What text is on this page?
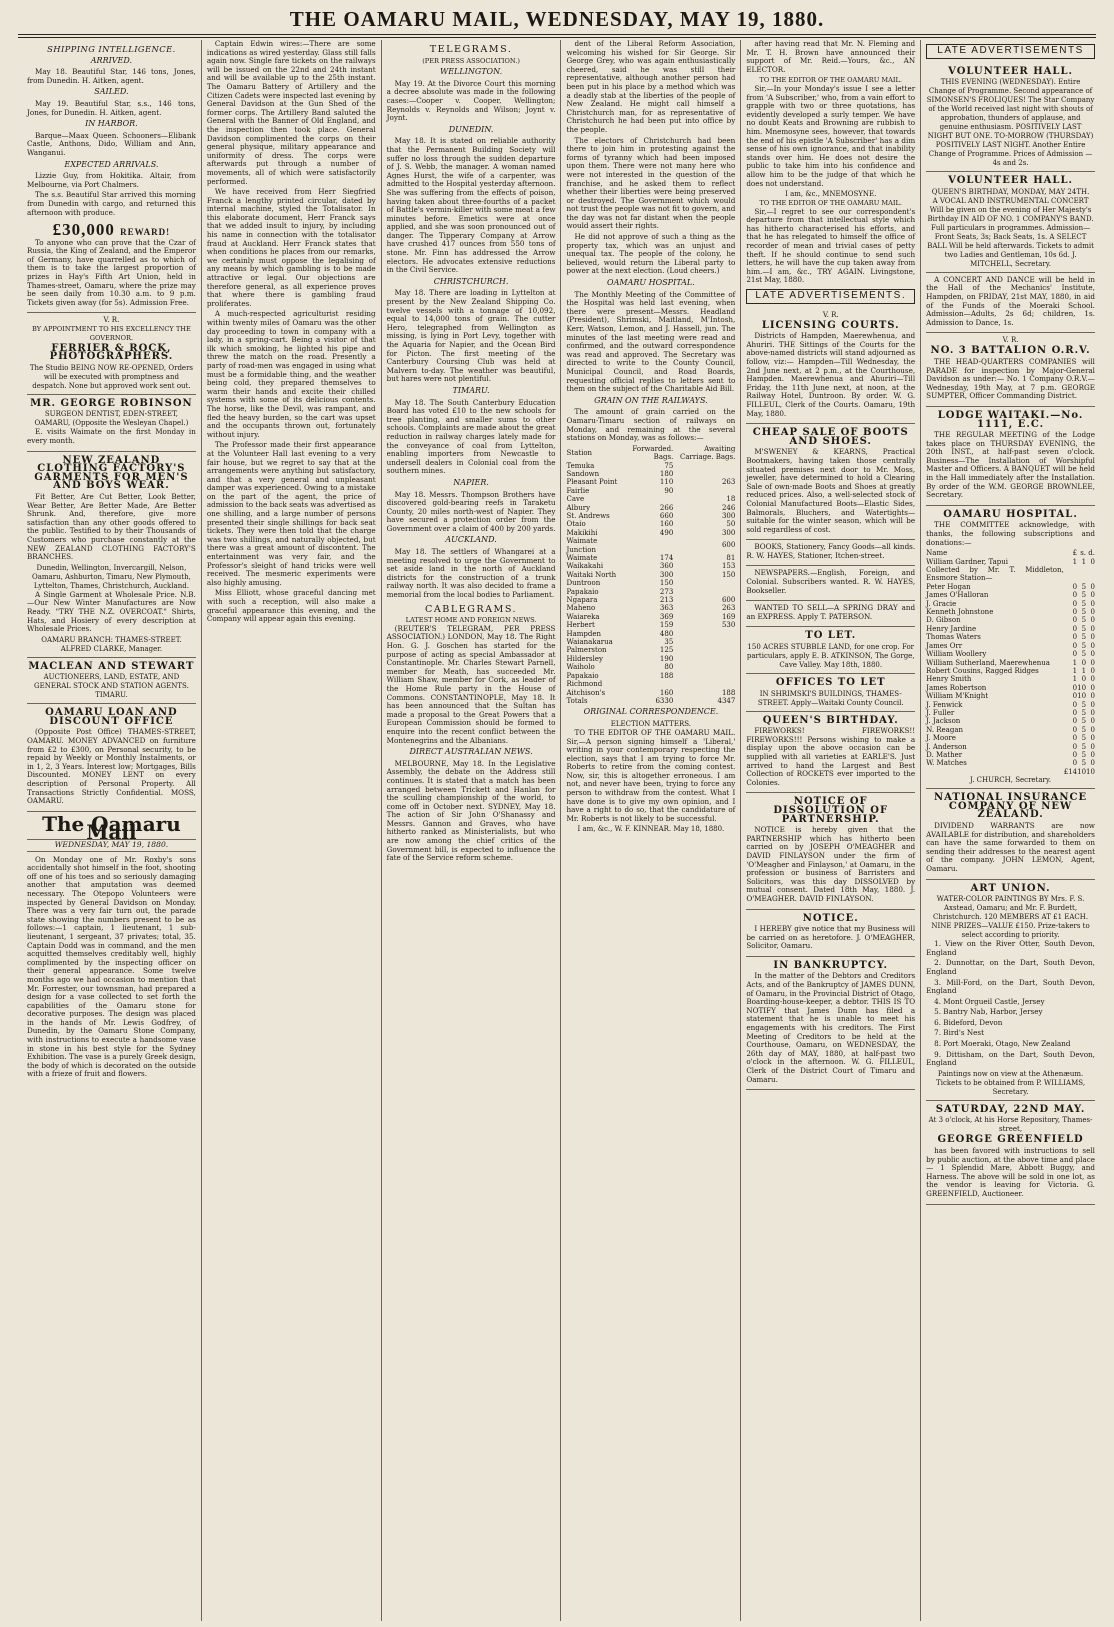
THE OAMARU MAIL, WEDNESDAY, MAY 19, 1880.
SHIPPING INTELLIGENCE.
ARRIVED.

May 18. Beautiful Star, 146 tons, Jones, from Dunedin. H. Aitken, agent.

SAILED.

May 19. Beautiful Star, s.s., 146 tons, Jones, for Dunedin. H. Aitken, agent.

IN HARBOR.

Barque—Maax Queen. Schooners—Elibank Castle, Anthons, Dido, William and Ann, Wanganui.

EXPECTED ARRIVALS.

Lizzie Guy, from Hokitika. Altair, from Melbourne, via Port Chalmers.

The s.s. Beautiful Star arrived this morning from Dunedin with cargo, and returned this afternoon with produce.

£30,000 REWARD!

To anyone who can prove that the Czar of Russia, the King of Zealand, and the Emperor of Germany, have quarrelled as to which of them is to take the largest proportion of prizes in Hay's Fifth Art Union, held in Thames-street, Oamaru, where the prize may be seen daily from 10.30 a.m. to 9 p.m. Tickets given away (for 5s). Admission Free.

V. R.
BY APPOINTMENT TO HIS EXCELLENCY THE GOVERNOR.
FERRIER & ROCK, PHOTOGRAPHERS.
The Studio BEING NOW RE-OPENED, Orders will be executed with promptness and despatch. None but approved work sent out.
MR. GEORGE ROBINSON
SURGEON DENTIST, EDEN-STREET, OAMARU, (Opposite the Wesleyan Chapel.)

E. visits Waimate on the first Monday in every month.

NEW ZEALAND CLOTHING FACTORY'S GARMENTS FOR MEN'S AND BOYS WEAR.

Fit Better, Are Cut Better, Look Better, Wear Better, Are Better Made, Are Better Shrunk. And, therefore, give more satisfaction than any other goods offered to the public. Testified to by their Thousands of Customers who purchase constantly at the NEW ZEALAND CLOTHING FACTORY'S BRANCHES.

Dunedin, Wellington, Invercargill, Nelson, Oamaru, Ashburton, Timaru, New Plymouth, Lyttelton, Thames, Christchurch, Auckland.

A Single Garment at Wholesale Price. N.B.—Our New Winter Manufactures are Now Ready. "TRY THE N.Z. OVERCOAT." Shirts, Hats, and Hosiery of every description at Wholesale Prices.

OAMARU BRANCH: THAMES-STREET. ALFRED CLARKE, Manager.
MACLEAN AND STEWART
AUCTIONEERS, LAND, ESTATE, AND GENERAL STOCK AND STATION AGENTS. TIMARU.
OAMARU LOAN AND DISCOUNT OFFICE

(Opposite Post Office) THAMES-STREET, OAMARU. MONEY ADVANCED on furniture from £2 to £300, on Personal security, to be repaid by Weekly or Monthly Instalments, or in 1, 2, 3 Years. Interest low; Mortgages, Bills Discounted. MONEY LENT on every description of Personal Property. All Transactions Strictly Confidential. MOSS, OAMARU.

The Oamaru Mail
WEDNESDAY, MAY 19, 1880.

On Monday one of Mr. Roxby's sons accidentally shot himself in the foot, shooting off one of his toes and so seriously damaging another that amputation was deemed necessary. The Otepopo Volunteers were inspected by General Davidson on Monday. There was a very fair turn out, the parade state showing the numbers present to be as follows:—1 captain, 1 lieutenant, 1 sub-lieutenant, 1 sergeant, 37 privates; total, 35. Captain Dodd was in command, and the men acquitted themselves creditably well, highly complimented by the inspecting officer on their general appearance. Some twelve months ago we had occasion to mention that Mr. Forrester, our townsman, had prepared a design for a vase collected to set forth the capabilities of the Oamaru stone for decorative purposes. The design was placed in the hands of Mr. Lewis Godfrey, of Dunedin, by the Oamaru Stone Company, with instructions to execute a handsome vase in stone in his best style for the Sydney Exhibition. The vase is a purely Greek design, the body of which is decorated on the outside with a frieze of fruit and flowers.

Captain Edwin wires:—There are some indications as wired yesterday. Glass still falls again now. Single fare tickets on the railways will be issued on the 22nd and 24th instant and will be available up to the 25th instant. The Oamaru Battery of Artillery and the Citizen Cadets were inspected last evening by General Davidson at the Gun Shed of the former corps. The Artillery Band saluted the General with the Banner of Old England, and the inspection then took place. General Davidson complimented the corps on their general physique, military appearance and uniformity of dress. The corps were afterwards put through a number of movements, all of which were satisfactorily performed.

We have received from Herr Siegfried Franck a lengthy printed circular, dated by internal machine, styled the Totalisator. In this elaborate document, Herr Franck says that we added insult to injury, by including his name in connection with the totalisator fraud at Auckland. Herr Franck states that when conditions he places from our remarks, we certainly must oppose the legalising of any means by which gambling is to be made attractive or legal. Our objections are therefore general, as all experience proves that where there is gambling fraud proliferates.

A much-respected agriculturist residing within twenty miles of Oamaru was the other day proceeding to town in company with a lady, in a spring-cart. Being a visitor of that ilk which smoking, he lighted his pipe and threw the match on the road. Presently a party of road-men was engaged in using what must be a formidable thing, and the weather being cold, they prepared themselves to warm their hands and excite their chilled systems with some of its delicious contents. The horse, like the Devil, was rampant, and fled the heavy burden, so the cart was upset and the occupants thrown out, fortunately without injury.

The Professor made their first appearance at the Volunteer Hall last evening to a very fair house, but we regret to say that at the arrangements were anything but satisfactory, and that a very general and unpleasant damper was experienced. Owing to a mistake on the part of the agent, the price of admission to the back seats was advertised as one shilling, and a large number of persons presented their single shillings for back seat tickets. They were then told that the charge was two shillings, and naturally objected, but there was a great amount of discontent. The entertainment was very fair, and the Professor's sleight of hand tricks were well received. The mesmeric experiments were also highly amusing.

Miss Elliott, whose graceful dancing met with such a reception, will also make a graceful appearance this evening, and the Company will appear again this evening.

TELEGRAMS.
(PER PRESS ASSOCIATION.)
WELLINGTON.

May 19. At the Divorce Court this morning a decree absolute was made in the following cases:—Cooper v. Cooper, Wellington; Reynolds v. Reynolds and Wilson; Joynt v. Joynt.

DUNEDIN.

May 18. It is stated on reliable authority that the Permanent Building Society will suffer no loss through the sudden departure of J. S. Webb, the manager. A woman named Agnes Hurst, the wife of a carpenter, was admitted to the Hospital yesterday afternoon. She was suffering from the effects of poison, having taken about three-fourths of a packet of Battle's vermin-killer with some meat a few minutes before. Emetics were at once applied, and she was soon pronounced out of danger. The Tipperary Company at Arrow have crushed 417 ounces from 550 tons of stone. Mr. Finn has addressed the Arrow electors. He advocates extensive reductions in the Civil Service.

CHRISTCHURCH.

May 18. There are loading in Lyttelton at present by the New Zealand Shipping Co. twelve vessels with a tonnage of 10,092, equal to 14,000 tons of grain. The cutter Hero, telegraphed from Wellington as missing, is lying in Port Levy, together with the Aquaria for Napier, and the Ocean Bird for Picton. The first meeting of the Canterbury Coursing Club was held at Malvern to-day. The weather was beautiful, but hares were not plentiful.

TIMARU.

May 18. The South Canterbury Education Board has voted £10 to the new schools for tree planting, and smaller sums to other schools. Complaints are made about the great reduction in railway charges lately made for the conveyance of coal from Lyttelton, enabling importers from Newcastle to undersell dealers in Colonial coal from the southern mines.

NAPIER.

May 18. Messrs. Thompson Brothers have discovered gold-bearing reefs in Taraketu County, 20 miles north-west of Napier. They have secured a protection order from the Government over a claim of 400 by 200 yards.

AUCKLAND.

May 18. The settlers of Whangarei at a meeting resolved to urge the Government to set aside land in the north of Auckland districts for the construction of a trunk railway north. It was also decided to frame a memorial from the local bodies to Parliament.

CABLEGRAMS.
LATEST HOME AND FOREIGN NEWS.

(REUTER'S TELEGRAM, PER PRESS ASSOCIATION.) LONDON, May 18. The Right Hon. G. J. Goschen has started for the purpose of acting as special Ambassador at Constantinople. Mr. Charles Stewart Parnell, member for Meath, has succeeded Mr. William Shaw, member for Cork, as leader of the Home Rule party in the House of Commons. CONSTANTINOPLE, May 18. It has been announced that the Sultan has made a proposal to the Great Powers that a European Commission should be formed to enquire into the recent conflict between the Montenegrins and the Albanians.

DIRECT AUSTRALIAN NEWS.

MELBOURNE, May 18. In the Legislative Assembly, the debate on the Address still continues. It is stated that a match has been arranged between Trickett and Hanlan for the sculling championship of the world, to come off in October next. SYDNEY, May 18. The action of Sir John O'Shanassy and Messrs. Gannon and Graves, who have hitherto ranked as Ministerialists, but who are now among the chief critics of the Government bill, is expected to influence the fate of the Service reform scheme.

dent of the Liberal Reform Association, welcoming his wished for Sir George. Sir George Grey, who was again enthusiastically cheered, said he was still their representative, although another person had been put in his place by a method which was a deadly stab at the liberties of the people of New Zealand. He might call himself a Christchurch man, for as representative of Christchurch he had been put into office by the people.

The electors of Christchurch had been there to join him in protesting against the forms of tyranny which had been imposed upon them. There were not many here who were not interested in the question of the franchise, and he asked them to reflect whether their liberties were being preserved or destroyed. The Government which would not trust the people was not fit to govern, and the day was not far distant when the people would assert their rights.

He did not approve of such a thing as the property tax, which was an unjust and unequal tax. The people of the colony, he believed, would return the Liberal party to power at the next election. (Loud cheers.)

OAMARU HOSPITAL.

The Monthly Meeting of the Committee of the Hospital was held last evening, when there were present—Messrs. Headland (President), Shrimski, Maitland, M'Intosh, Kerr, Watson, Lemon, and J. Hassell, jun. The minutes of the last meeting were read and confirmed, and the outward correspondence was read and approved. The Secretary was directed to write to the County Council, Municipal Council, and Road Boards, requesting official replies to letters sent to them on the subject of the Charitable Aid Bill.

GRAIN ON THE RAILWAYS.

The amount of grain carried on the Oamaru-Timaru section of railways on Monday, and remaining at the several stations on Monday, was as follows:—

Station	Forwarded. Bags.	Awaiting Carriage. Bags.
Temuka	75	
Sandown	180	
Pleasant Point	110	263
Fairlie	90	
Cave		18
Albury	266	246
St. Andrews	660	300
Otaio	160	50
Makikihi	490	300
Waimate Junction		600
Waimate	174	81
Waikakahi	360	153
Waitaki North	300	150
Duntroon	150	
Papakaio	273	
Ngapara	213	600
Maheno	363	263
Waiareka	369	169
Herbert	159	530
Hampden	480	
Waianakarua	35	
Palmerston	125	
Hildersley	190	
Waiholo	80	
Papakaio	188	
Richmond		
Aitchison's	160	188
Totals	6330	4347
ORIGINAL CORRESPONDENCE.
ELECTION MATTERS.

TO THE EDITOR OF THE OAMARU MAIL. Sir,—A person signing himself a 'Liberal,' writing in your contemporary respecting the election, says that I am trying to force Mr. Roberts to retire from the coming contest. Now, sir, this is altogether erroneous. I am not, and never have been, trying to force any person to withdraw from the contest. What I have done is to give my own opinion, and I have a right to do so, that the candidature of Mr. Roberts is not likely to be successful.

I am, &c., W. F. KINNEAR. May 18, 1880.

after having read that Mr. N. Fleming and Mr. T. H. Brown have announced their support of Mr. Reid.—Yours, &c., AN ELECTOR.

TO THE EDITOR OF THE OAMARU MAIL.

Sir,—In your Monday's issue I see a letter from 'A Subscriber,' who, from a vain effort to grapple with two or three quotations, has evidently developed a surly temper. We have no doubt Keats and Browning are rubbish to him. Mnemosyne sees, however, that towards the end of his epistle 'A Subscriber' has a dim sense of his own ignorance, and that inability stands over him. He does not desire the public to take him into his confidence and allow him to be the judge of that which he does not understand.

I am, &c., MNEMOSYNE.
TO THE EDITOR OF THE OAMARU MAIL.

Sir,—I regret to see our correspondent's departure from that intellectual style which has hitherto characterised his efforts, and that he has relegated to himself the office of recorder of mean and trivial cases of petty theft. If he should continue to send such letters, he will have the cup taken away from him.—I am, &c., TRY AGAIN. Livingstone, 21st May, 1880.

LATE ADVERTISEMENTS.
V. R.
LICENSING COURTS.

Districts of Hampden, Maerewhenua, and Ahuriri. THE Sittings of the Courts for the above-named districts will stand adjourned as follow, viz:— Hampden—Till Wednesday, the 2nd June next, at 2 p.m., at the Courthouse, Hampden. Maerewhenua and Ahuriri—Till Friday, the 11th June next, at noon, at the Railway Hotel, Duntroon. By order. W. G. FILLEUL, Clerk of the Courts. Oamaru, 19th May, 1880.

CHEAP SALE OF BOOTS AND SHOES.

M'SWENEY & KEARNS, Practical Bootmakers, having taken those centrally situated premises next door to Mr. Moss, jeweller, have determined to hold a Clearing Sale of own-made Boots and Shoes at greatly reduced prices. Also, a well-selected stock of Colonial Manufactured Boots—Elastic Sides, Balmorals, Bluchers, and Watertights—suitable for the winter season, which will be sold regardless of cost.

BOOKS, Stationery, Fancy Goods—all kinds. R. W. HAYES, Stationer, Itchen-street.

NEWSPAPERS.—English, Foreign, and Colonial. Subscribers wanted. R. W. HAYES, Bookseller.

WANTED TO SELL—A SPRING DRAY and an EXPRESS. Apply T. PATERSON.

TO LET.
150 ACRES STUBBLE LAND, for one crop. For particulars, apply E. B. ATKINSON, The Gorge, Cave Valley. May 18th, 1880.
OFFICES TO LET
IN SHRIMSKI'S BUILDINGS, THAMES-STREET. Apply—Waitaki County Council.
QUEEN'S BIRTHDAY.

FIREWORKS! FIREWORKS!! FIREWORKS!!! Persons wishing to make a display upon the above occasion can be supplied with all varieties at EARLE'S. Just arrived to hand the Largest and Best Collection of ROCKETS ever imported to the Colonies.

NOTICE OF DISSOLUTION OF PARTNERSHIP.

NOTICE is hereby given that the PARTNERSHIP which has hitherto been carried on by JOSEPH O'MEAGHER and DAVID FINLAYSON under the firm of 'O'Meagher and Finlayson,' at Oamaru, in the profession or business of Barristers and Solicitors, was this day DISSOLVED by mutual consent. Dated 18th May, 1880. J. O'MEAGHER. DAVID FINLAYSON.

NOTICE.

I HEREBY give notice that my Business will be carried on as heretofore. J. O'MEAGHER, Solicitor, Oamaru.

IN BANKRUPTCY.

In the matter of the Debtors and Creditors Acts, and of the Bankruptcy of JAMES DUNN, of Oamaru, in the Provincial District of Otago, Boarding-house-keeper, a debtor. THIS IS TO NOTIFY that James Dunn has filed a statement that he is unable to meet his engagements with his creditors. The First Meeting of Creditors to be held at the Courthouse, Oamaru, on WEDNESDAY, the 26th day of MAY, 1880, at half-past two o'clock in the afternoon. W. G. FILLEUL, Clerk of the District Court of Timaru and Oamaru.

LATE ADVERTISEMENTS
VOLUNTEER HALL.
THIS EVENING (WEDNESDAY). Entire Change of Programme. Second appearance of SIMONSEN'S FROLIQUES! The Star Company of the World received last night with shouts of approbation, thunders of applause, and genuine enthusiasm. POSITIVELY LAST NIGHT BUT ONE. TO-MORROW (THURSDAY) POSITIVELY LAST NIGHT. Another Entire Change of Programme. Prices of Admission — 4s and 2s.
VOLUNTEER HALL.
QUEEN'S BIRTHDAY, MONDAY, MAY 24TH.
A VOCAL AND INSTRUMENTAL CONCERT Will be given on the evening of Her Majesty's Birthday IN AID OF NO. 1 COMPANY'S BAND. Full particulars in programmes. Admission—Front Seats, 3s; Back Seats, 1s. A SELECT BALL Will be held afterwards. Tickets to admit two Ladies and Gentleman, 10s 6d. J. MITCHELL, Secretary.

A CONCERT AND DANCE will be held in the Hall of the Mechanics' Institute, Hampden, on FRIDAY, 21st MAY, 1880, in aid of the Funds of the Moeraki School. Admission—Adults, 2s 6d; children, 1s. Admission to Dance, 1s.

V. R.
NO. 3 BATTALION O.R.V.

THE HEAD-QUARTERS COMPANIES will PARADE for inspection by Major-General Davidson as under:— No. 1 Company O.R.V.—Wednesday, 19th May, at 7 p.m. GEORGE SUMPTER, Officer Commanding District.

LODGE WAITAKI.—No. 1111, E.C.

THE REGULAR MEETING of the Lodge takes place on THURSDAY EVENING, the 20th INST., at half-past seven o'clock. Business—The Installation of Worshipful Master and Officers. A BANQUET will be held in the Hall immediately after the Installation. By order of the W.M. GEORGE BROWNLEE, Secretary.

OAMARU HOSPITAL.

THE COMMITTEE acknowledge, with thanks, the following subscriptions and donations:—

Name	£	s.	d.
William Gardner, Tapui	1	1	0
Collected by Mr. T. Middleton, Ensmore Station—			
Peter Hogan	0	5	0
James O'Halloran	0	5	0
J. Gracie	0	5	0
Kenneth Johnstone	0	5	0
D. Gibson	0	5	0
Henry Jardine	0	5	0
Thomas Waters	0	5	0
James Orr	0	5	0
William Woollery	0	5	0
William Sutherland, Maerewhenua	1	0	0
Robert Cousins, Ragged Ridges	1	1	0
Henry Smith	1	0	0
James Robertson	0	10	0
William M'Knight	0	10	0
J. Fenwick	0	5	0
J. Fuller	0	5	0
J. Jackson	0	5	0
N. Reagan	0	5	0
J. Moore	0	5	0
J. Anderson	0	5	0
D. Mather	0	5	0
W. Matches	0	5	0
	£14	10	10
J. CHURCH, Secretary.
NATIONAL INSURANCE COMPANY OF NEW ZEALAND.

DIVIDEND WARRANTS are now AVAILABLE for distribution, and shareholders can have the same forwarded to them on sending their addresses to the nearest agent of the company. JOHN LEMON, Agent, Oamaru.

ART UNION.
WATER-COLOR PAINTINGS BY Mrs. F. S. Axstead, Oamaru; and Mr. F. Burdett, Christchurch. 120 MEMBERS AT £1 EACH. NINE PRIZES—VALUE £150. Prize-takers to select according to priority.
1. View on the River Otter, South Devon, England
2. Dunnottar, on the Dart, South Devon, England
3. Mill-Ford, on the Dart, South Devon, England
4. Mont Orgueil Castle, Jersey
5. Bantry Nab, Harbor, Jersey
6. Bideford, Devon
7. Bird's Nest
8. Port Moeraki, Otago, New Zealand
9. Dittisham, on the Dart, South Devon, England
Paintings now on view at the Athenæum. Tickets to be obtained from P. WILLIAMS, Secretary.
SATURDAY, 22ND MAY.
At 3 o'clock, At his Horse Repository, Thames-street,
GEORGE GREENFIELD

has been favored with instructions to sell by public auction, at the above time and place— 1 Splendid Mare, Abbott Buggy, and Harness. The above will be sold in one lot, as the vendor is leaving for Victoria. G. GREENFIELD, Auctioneer.
